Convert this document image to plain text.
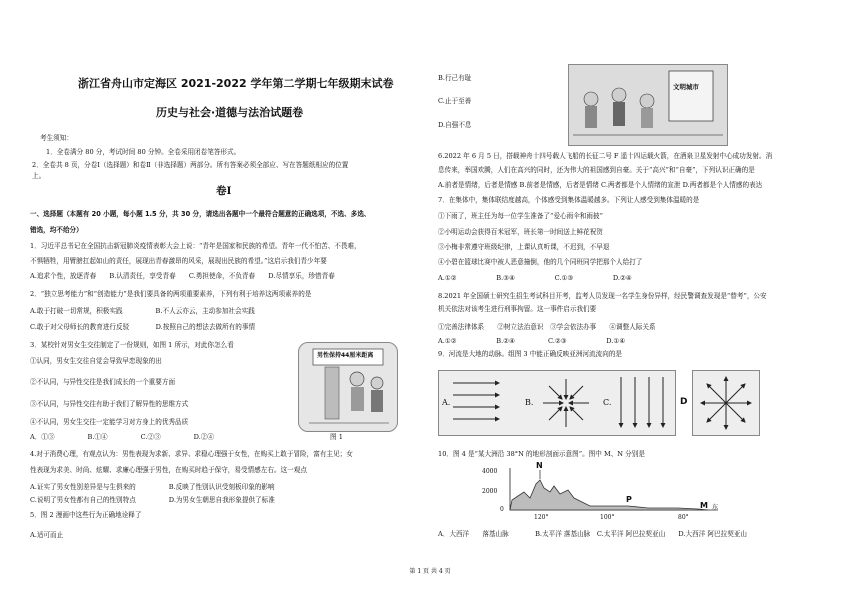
浙江省舟山市定海区 2021-2022 学年第二学期七年级期末试卷
历史与社会·道德与法治试题卷
考生须知：
1．全卷满分 80 分，考试时间 80 分钟。全卷采用闭卷笔答形式。
2．全卷共 8 页，分卷Ⅰ（选择题）和卷Ⅱ（非选择题）两部分。所有答案必须全部应、写在答题纸相应的位置
上。
卷Ⅰ
一、选择题（本题有 20 小题，每小题 1.5 分，共 30 分，请选出各题中一个最符合题意的正确选项，不选、多选、
错选，均不给分）
1．习近平总书记在全国抗击新冠肺炎疫情表彰大会上说：“青年是国家和民族的希望。青年一代不怕苦、不畏难，
不惧牺牲，用臂膀扛起如山的责任，展现出青春激昂的风采，展现出民族的希望。”这启示我们青少年要
A.追求个性，放逐青春　　B.认清责任，享受青春　　C.勇担使命，不负青春　　D.尽情享乐，珍惜青春
2．“独立思考能力”和“创造能力”是我们要具备的两项重要素养，下列有利于培养这两项素养的是
A.敢于打破一切常规，积极实践　　　　　B.不人云亦云，主动参加社会实践
C.敢于对父母师长的教育进行反驳　　　　D.按照自己的想法去做所有的事情
3．某校针对男女生交往制定了一份规则，如图 1 所示，对此你怎么看
①认同，男女生交往自觉会导致早恋现象的出
②不认同，与异性交往是我们成长的一个重要方面
③不认同，与异性交往有助于我们了解异性的思维方式
④不认同，男女生交往一定能学习对方身上的优秀品质
A．①③　　　　　B.①④　　　　　C.②③　　　　　D.②④
男性保持44厘米距离
图 1
4.对于消费心理，有观点认为：男性表现为求新、求异、求稳心理强于女性，在购买上敢于冒险，富有主见；女
性表现为求美、时尚、炫耀、求廉心理强于男性，在购买时趋于保守，易受情感左右。这一观点
A.证实了男女性别差异是与生俱来的　　　　　B.反映了性别认识受刻板印象的影响
C.说明了男女性都有自己的性别特点　　　　　D.为男女生朝思自我形象提供了标准
5．图 2 漫画中这些行为正确地诠释了
A.适可而止
B.行己有耻
C.止于至善
D.自强不息
文明城市
6.2022 年 6 月 5 日，搭载神舟十四号载人飞船的长征二号 F 遥十四运载火箭，在酒泉卫星发射中心成功发射。消
息传来，举国欢腾，人们在高兴的同时，还为伟大的祖国感到自豪。关于“高兴”和“自豪”，下列认识正确的是
A.前者是情绪，后者是情感 B.前者是情感，后者是情绪 C.两者都是个人情绪的宣泄 D.两者都是个人情感的表达
7．在集体中，集体联结度越高，个体感受到集体温暖越多。下列让人感受到集体温暖的是
①下雨了，班主任为每一位学生准备了“爱心雨伞和雨披”
②小明运动会获得百米冠军，班长第一时间送上鲜花祝贺
③小梅非常遵守班级纪律，上课认真听课，不迟到，不早退
④小碧在篮球比赛中被人恶意撞倒，他的几个同班同学把那个人给打了
A.①②　　　　　　B.③④　　　　　　C.①③　　　　　　D.②④
8.2021 年全国硕士研究生招生考试科目开考，监考人员发现一名学生身份异样，经民警调查发现是“替考”，公安
机关依法对该考生进行刑事拘留。这一事件启示我们要
①完善法律体系　　②树立法治意识　③学会依法办事　　④调整人际关系
A.①②　　　　　　B.②④　　　　　C.②③　　　　　　D.①④
9．河流是大地的动脉。组图 3 中能正确反映亚洲河流流向的是
A.	B.	C.	D
10．图 4 是“某大洲沿 38°N 的地形剖面示意图”。图中 M、N 分别是
4000
2000
0
N
P
M 东
120°	100°	80°
A．大西洋　　落基山脉　　　　B.太平洋 落基山脉　C.太平洋 阿巴拉契亚山　　D.大西洋 阿巴拉契亚山
第 1 页 共 4 页
